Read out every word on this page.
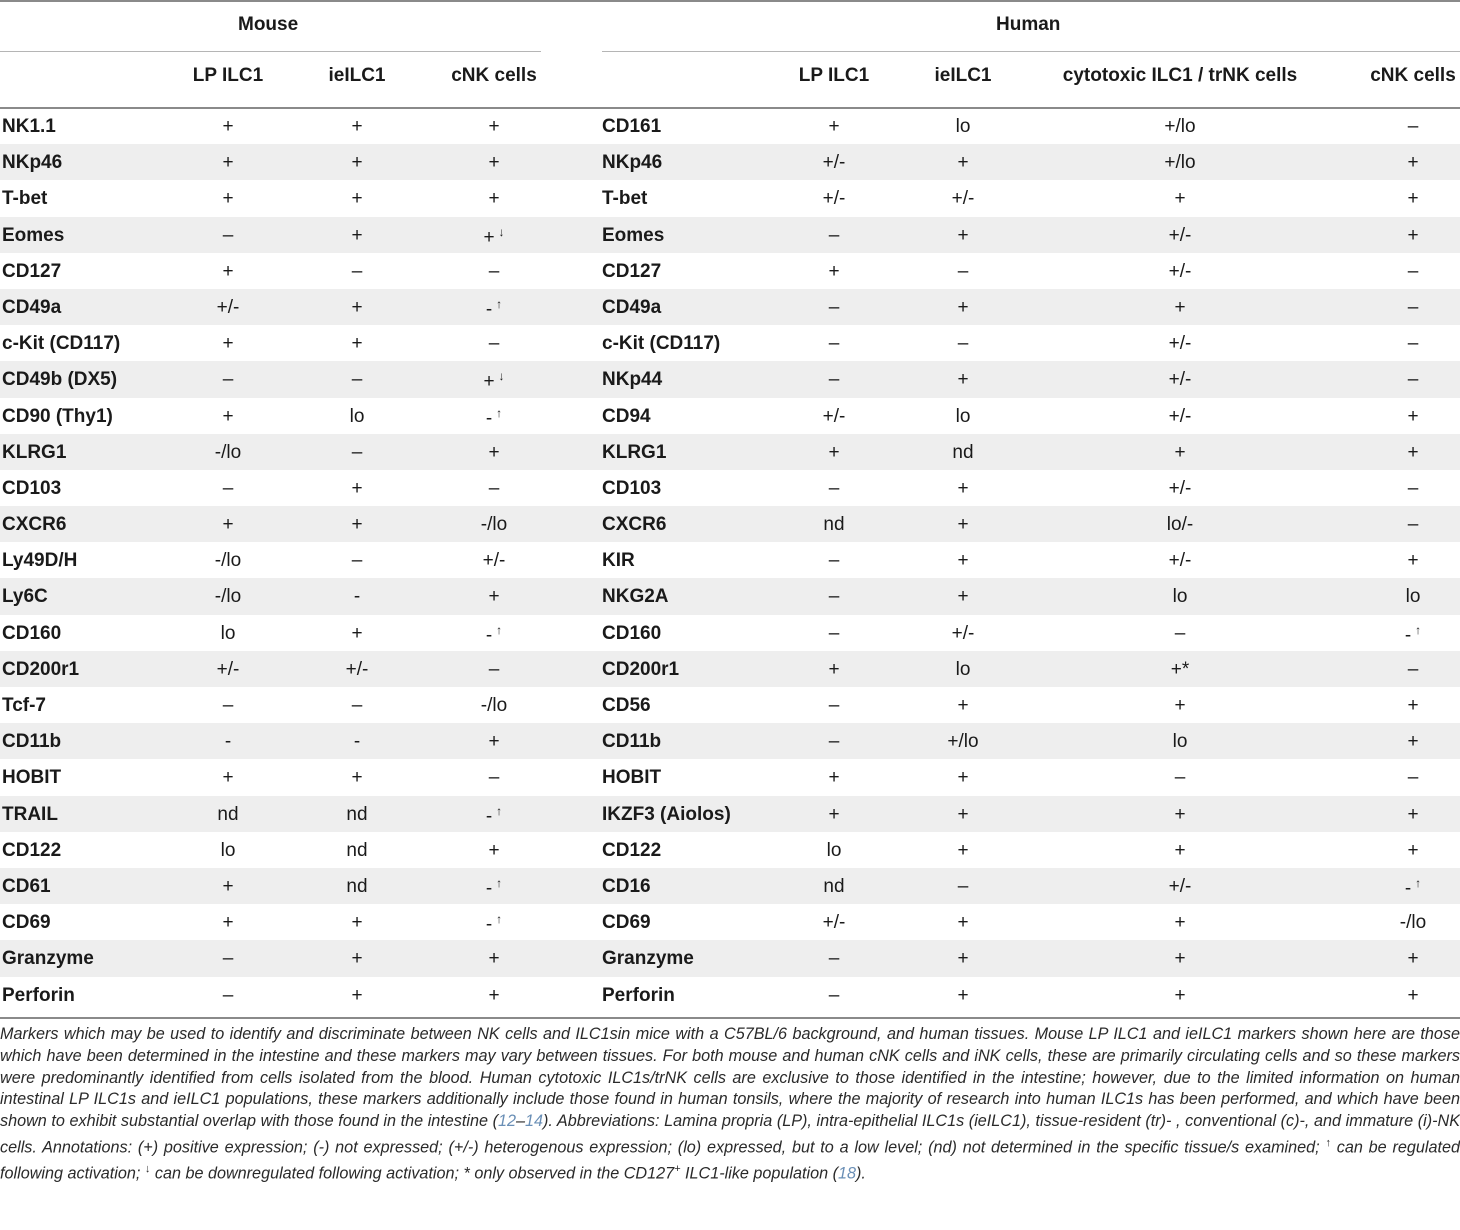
Mouse	Human
LP ILC1	ieILC1	cNK cells	LP ILC1	ieILC1	cytotoxic ILC1 / trNK cells	cNK cells
NK1.1	+	+	+	CD161	+	lo	+/lo	–
NKp46	+	+	+	NKp46	+/-	+	+/lo	+
T-bet	+	+	+	T-bet	+/-	+/-	+	+
Eomes	–	+	+ ↓	Eomes	–	+	+/-	+
CD127	+	–	–	CD127	+	–	+/-	–
CD49a	+/-	+	- ↑	CD49a	–	+	+	–
c-Kit (CD117)	+	+	–	c-Kit (CD117)	–	–	+/-	–
CD49b (DX5)	–	–	+ ↓	NKp44	–	+	+/-	–
CD90 (Thy1)	+	lo	- ↑	CD94	+/-	lo	+/-	+
KLRG1	-/lo	–	+	KLRG1	+	nd	+	+
CD103	–	+	–	CD103	–	+	+/-	–
CXCR6	+	+	-/lo	CXCR6	nd	+	lo/-	–
Ly49D/H	-/lo	–	+/-	KIR	–	+	+/-	+
Ly6C	-/lo	-	+	NKG2A	–	+	lo	lo
CD160	lo	+	- ↑	CD160	–	+/-	–	- ↑
CD200r1	+/-	+/-	–	CD200r1	+	lo	+*	–
Tcf-7	–	–	-/lo	CD56	–	+	+	+
CD11b	-	-	+	CD11b	–	+/lo	lo	+
HOBIT	+	+	–	HOBIT	+	+	–	–
TRAIL	nd	nd	- ↑	IKZF3 (Aiolos)	+	+	+	+
CD122	lo	nd	+	CD122	lo	+	+	+
CD61	+	nd	- ↑	CD16	nd	–	+/-	- ↑
CD69	+	+	- ↑	CD69	+/-	+	+	-/lo
Granzyme	–	+	+	Granzyme	–	+	+	+
Perforin	–	+	+	Perforin	–	+	+	+
Markers which may be used to identify and discriminate between NK cells and ILC1sin mice with a C57BL/6 background, and human tissues. Mouse LP ILC1 and ieILC1 markers shown here are those which have been determined in the intestine and these markers may vary between tissues. For both mouse and human cNK cells and iNK cells, these are primarily circulating cells and so these markers were predominantly identified from cells isolated from the blood. Human cytotoxic ILC1s/trNK cells are exclusive to those identified in the intestine; however, due to the limited information on human intestinal LP ILC1s and ieILC1 populations, these markers additionally include those found in human tonsils, where the majority of research into human ILC1s has been performed, and which have been shown to exhibit substantial overlap with those found in the intestine (12–14). Abbreviations: Lamina propria (LP), intra-epithelial ILC1s (ieILC1), tissue-resident (tr)- , conventional (c)-, and immature (i)-NK cells. Annotations: (+) positive expression; (-) not expressed; (+/-) heterogenous expression; (lo) expressed, but to a low level; (nd) not determined in the specific tissue/s examined; ↑ can be regulated following activation; ↓ can be downregulated following activation; * only observed in the CD127+ ILC1-like population (18).
